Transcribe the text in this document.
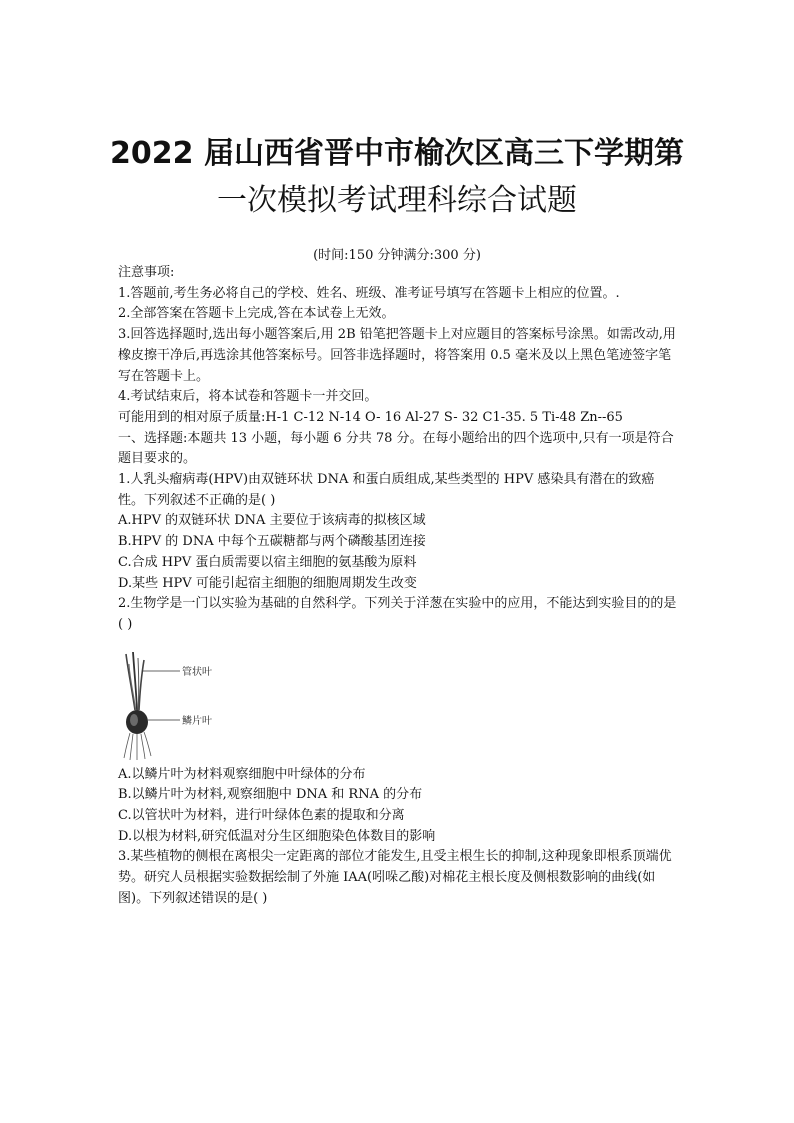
2022 届山西省晋中市榆次区高三下学期第
一次模拟考试理科综合试题
(时间:150 分钟满分:300 分)

注意事项:

1.答题前,考生务必将自己的学校、姓名、班级、准考证号填写在答题卡上相应的位置。.

2.全部答案在答题卡上完成,答在本试卷上无效。

3.回答选择题时,选出每小题答案后,用 2B 铅笔把答题卡上对应题目的答案标号涂黑。如需改动,用橡皮擦干净后,再选涂其他答案标号。回答非选择题时，将答案用 0.5 毫米及以上黑色笔迹签字笔写在答题卡上。

4.考试结束后，将本试卷和答题卡一并交回。

可能用到的相对原子质量:H-1 C-12 N-14 O- 16 Al-27 S- 32 C1-35. 5 Ti-48 Zn--65

一、选择题:本题共 13 小题，每小题 6 分共 78 分。在每小题给出的四个选项中,只有一项是符合题目要求的。

1.人乳头瘤病毒(HPV)由双链环状 DNA 和蛋白质组成,某些类型的 HPV 感染具有潜在的致癌性。下列叙述不正确的是( )

A.HPV 的双链环状 DNA 主要位于该病毒的拟核区域

B.HPV 的 DNA 中每个五碳糖都与两个磷酸基团连接

C.合成 HPV 蛋白质需要以宿主细胞的氨基酸为原料

D.某些 HPV 可能引起宿主细胞的细胞周期发生改变

2.生物学是一门以实验为基础的自然科学。下列关于洋葱在实验中的应用，不能达到实验目的的是( )

管状叶
鳞片叶

A.以鳞片叶为材料观察细胞中叶绿体的分布

B.以鳞片叶为材料,观察细胞中 DNA 和 RNA 的分布

C.以管状叶为材料，进行叶绿体色素的提取和分离

D.以根为材料,研究低温对分生区细胞染色体数目的影响

3.某些植物的侧根在离根尖一定距离的部位才能发生,且受主根生长的抑制,这种现象即根系顶端优势。研究人员根据实验数据绘制了外施 IAA(吲哚乙酸)对棉花主根长度及侧根数影响的曲线(如图)。下列叙述错误的是( )
